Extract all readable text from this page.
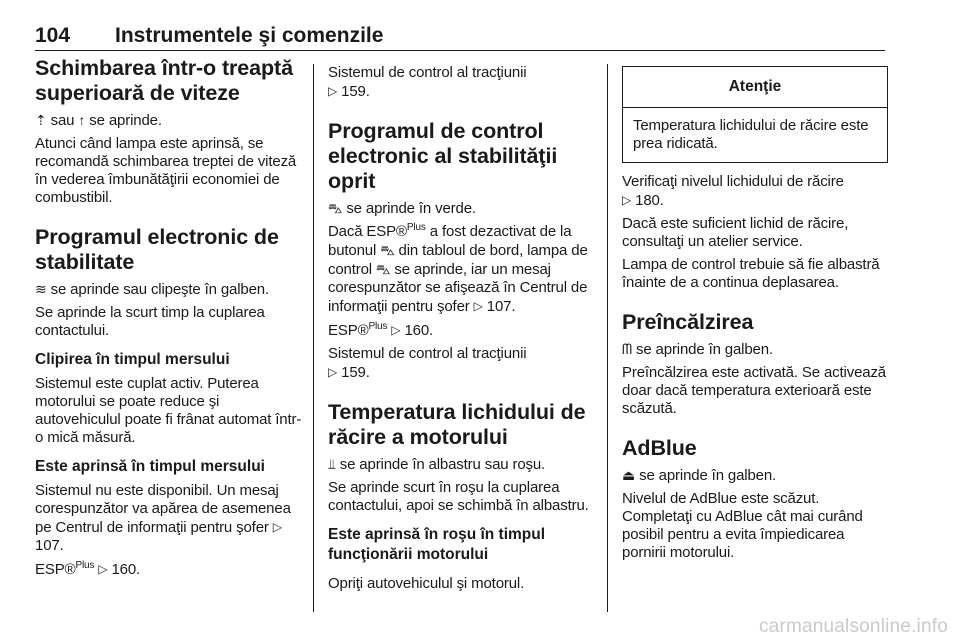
104 Instrumentele şi comenzile
Schimbarea într-o treaptă superioară de viteze

⇡ sau ↑ se aprinde.

Atunci când lampa este aprinsă, se recomandă schimbarea treptei de viteză în vederea îmbunătăţirii economiei de combustibil.

Programul electronic de stabilitate

≋ se aprinde sau clipeşte în galben.

Se aprinde la scurt timp la cuplarea contactului.

Clipirea în timpul mersului

Sistemul este cuplat activ. Puterea motorului se poate reduce şi autovehiculul poate fi frânat automat într-o mică măsură.

Este aprinsă în timpul mersului

Sistemul nu este disponibil. Un mesaj corespunzător va apărea de asemenea pe Centrul de informaţii pentru şofer ▷ 107.

ESP®$^{Plus}$ ▷ 160.

Sistemul de control al tracţiunii
▷ 159.

Programul de control electronic al stabilităţii oprit

⛍ se aprinde în verde.

Dacă ESP®$^{Plus}$ a fost dezactivat de la butonul ⛍ din tabloul de bord, lampa de control ⛍ se aprinde, iar un mesaj corespunzător se afişează în Centrul de informaţii pentru şofer ▷ 107.

ESP®$^{Plus}$ ▷ 160.

Sistemul de control al tracţiunii
▷ 159.

Temperatura lichidului de răcire a motorului

⫫ se aprinde în albastru sau roşu.

Se aprinde scurt în roşu la cuplarea contactului, apoi se schimbă în albastru.

Este aprinsă în roşu în timpul funcţionării motorului

Opriţi autovehiculul şi motorul.

Atenţie

Temperatura lichidului de răcire este prea ridicată.

Verificaţi nivelul lichidului de răcire
▷ 180.

Dacă este suficient lichid de răcire, consultaţi un atelier service.

Lampa de control trebuie să fie albastră înainte de a continua deplasarea.

Preîncălzirea

ᗰ se aprinde în galben.

Preîncălzirea este activată. Se activează doar dacă temperatura exterioară este scăzută.

AdBlue

⏏ se aprinde în galben.

Nivelul de AdBlue este scăzut. Completaţi cu AdBlue cât mai curând posibil pentru a evita împiedicarea pornirii motorului.

carmanualsonline.info
